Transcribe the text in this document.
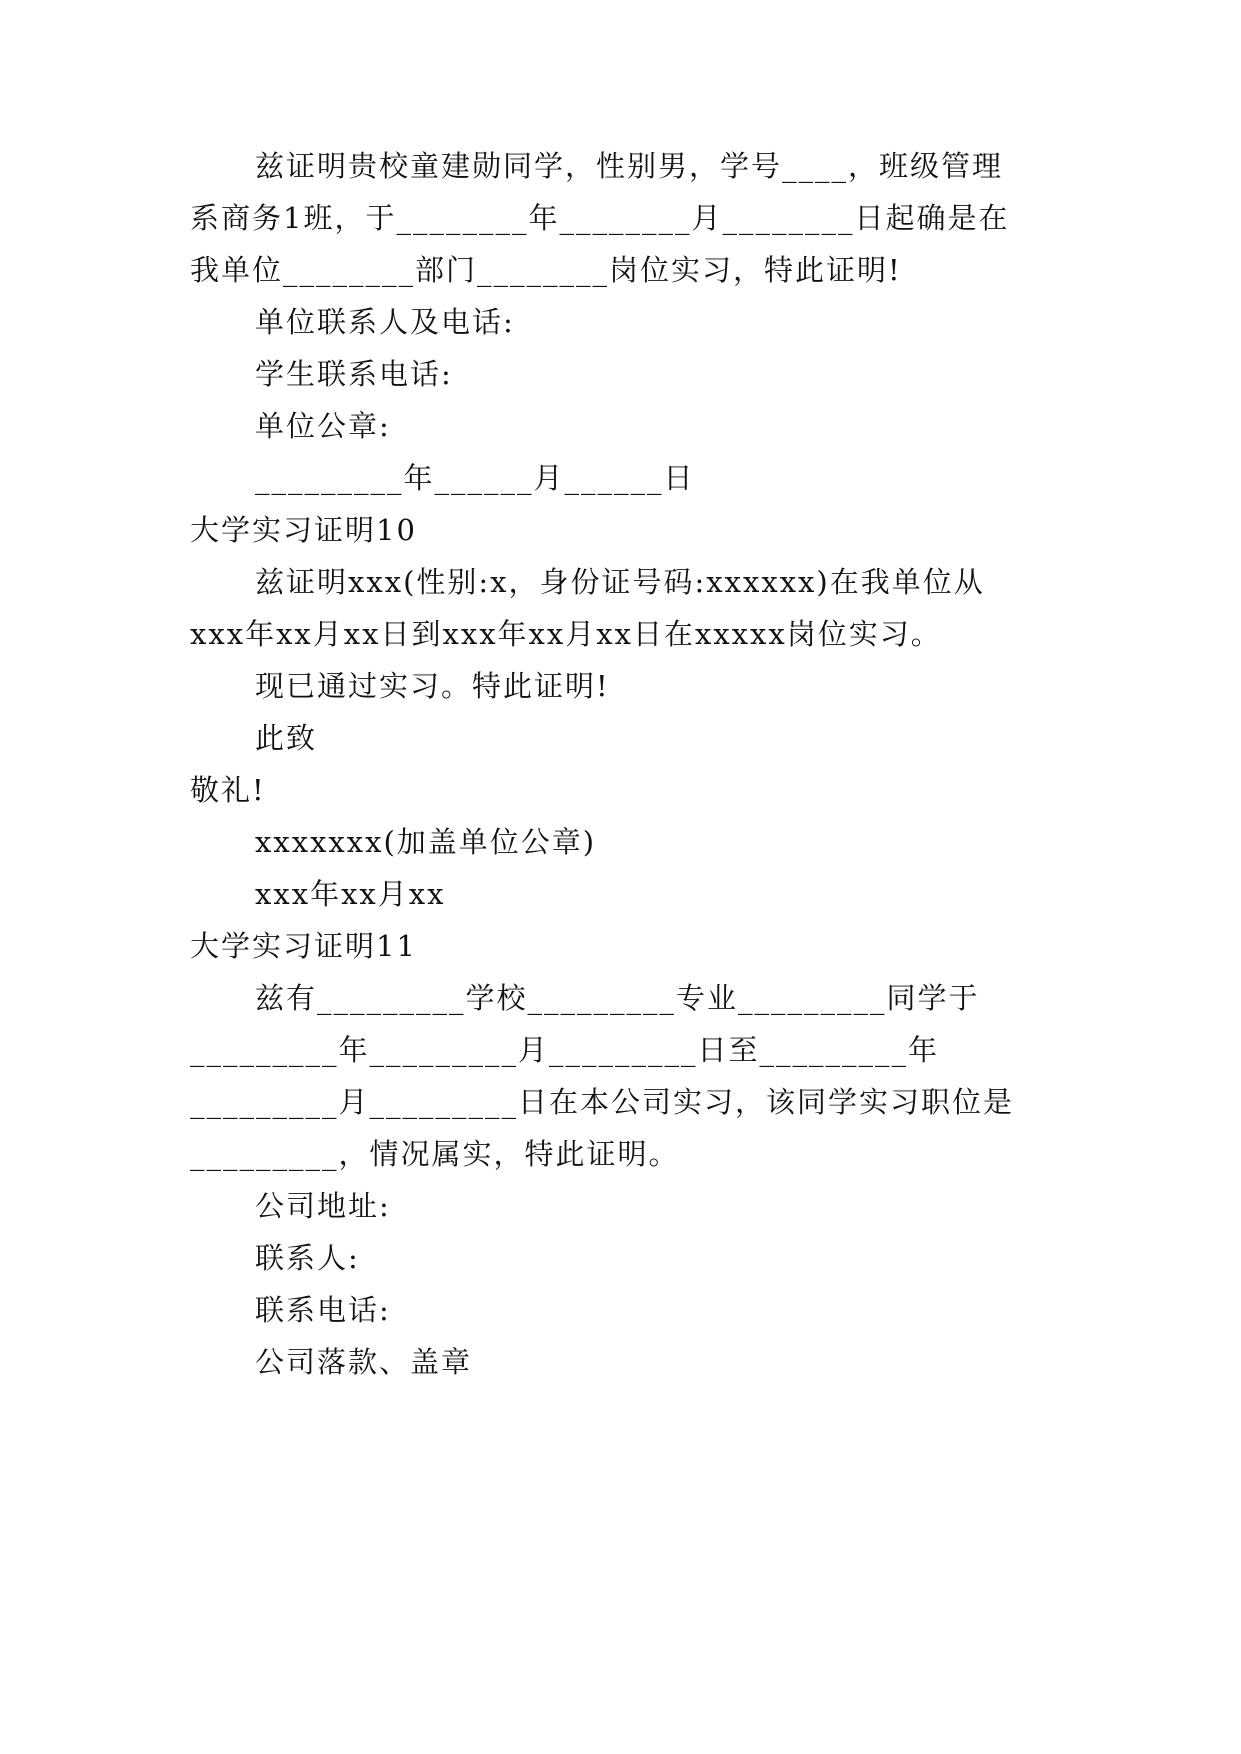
兹证明贵校童建勋同学，性别男，学号____，班级管理
系商务1班，于________年________月________日起确是在
我单位________部门________岗位实习，特此证明!
单位联系人及电话:
学生联系电话:
单位公章:
_________年______月______日
大学实习证明10
兹证明xxx(性别:x，身份证号码:xxxxxx)在我单位从
xxx年xx月xx日到xxx年xx月xx日在xxxxx岗位实习。
现已通过实习。特此证明!
此致
敬礼!
xxxxxxx(加盖单位公章)
xxx年xx月xx
大学实习证明11
兹有_________学校_________专业_________同学于
_________年_________月_________日至_________年
_________月_________日在本公司实习，该同学实习职位是
_________，情况属实，特此证明。
公司地址:
联系人:
联系电话:
公司落款、盖章
